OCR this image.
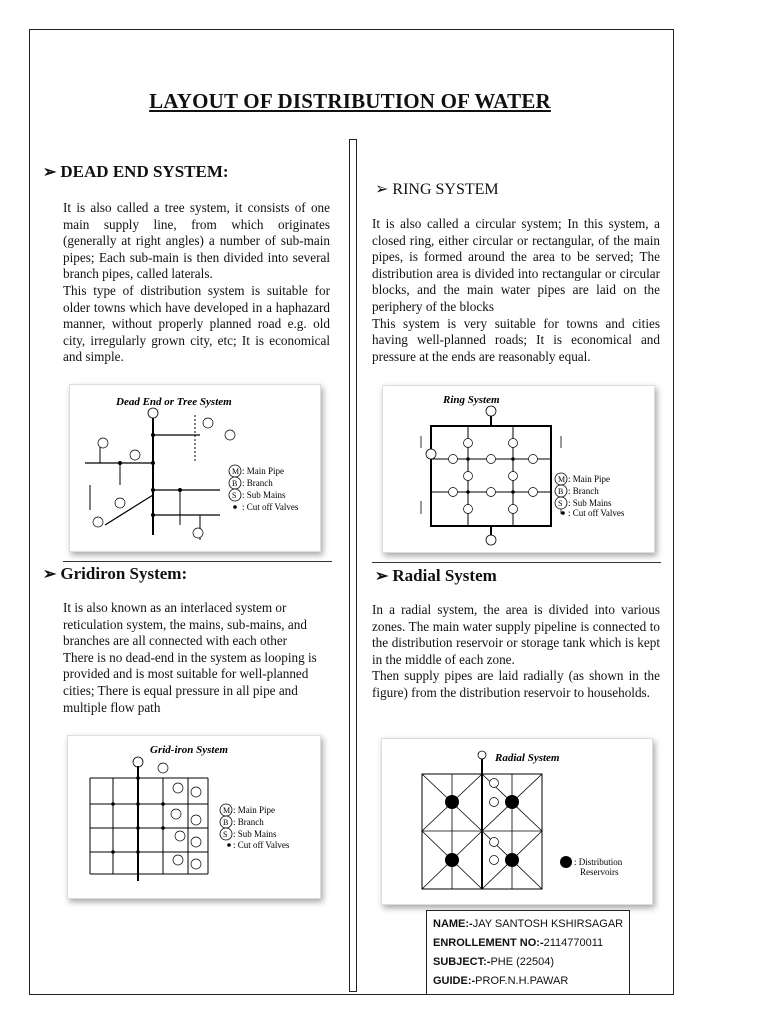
LAYOUT OF DISTRIBUTION OF WATER
➢ DEAD END SYSTEM:

It is also called a tree system, it consists of one main supply line, from which originates (generally at right angles) a number of sub-main pipes; Each sub-main is then divided into several branch pipes, called laterals.

This type of distribution system is suitable for older towns which have developed in a haphazard manner, without properly planned road e.g. old city, irregularly grown city, etc; It is economical and simple.

Dead End or Tree System
M : Main Pipe
B : Branch
S : Sub Mains
: Cut off Valves
➢ Gridiron System:

It is also known as an interlaced system or reticulation system, the mains, sub-mains, and branches are all connected with each other

There is no dead-end in the system as looping is provided and is most suitable for well-planned cities; There is equal pressure in all pipe and multiple flow path

Grid-iron System
M : Main Pipe
B : Branch
S : Sub Mains
: Cut off Valves
➢ RING SYSTEM

It is also called a circular system; In this system, a closed ring, either circular or rectangular, of the main pipes, is formed around the area to be served; The distribution area is divided into rectangular or circular blocks, and the main water pipes are laid on the periphery of the blocks

This system is very suitable for towns and cities having well-planned roads; It is economical and pressure at the ends are reasonably equal.

Ring System
M : Main Pipe
B : Branch
S : Sub Mains
: Cut off Valves
➢ Radial System

In a radial system, the area is divided into various zones. The main water supply pipeline is connected to the distribution reservoir or storage tank which is kept in the middle of each zone.

Then supply pipes are laid radially (as shown in the figure) from the distribution reservoir to households.

Radial System
: Distribution
Reservoirs
NAME:-JAY SANTOSH KSHIRSAGAR
ENROLLEMENT NO:-2114770011
SUBJECT:-PHE (22504)
GUIDE:-PROF.N.H.PAWAR
